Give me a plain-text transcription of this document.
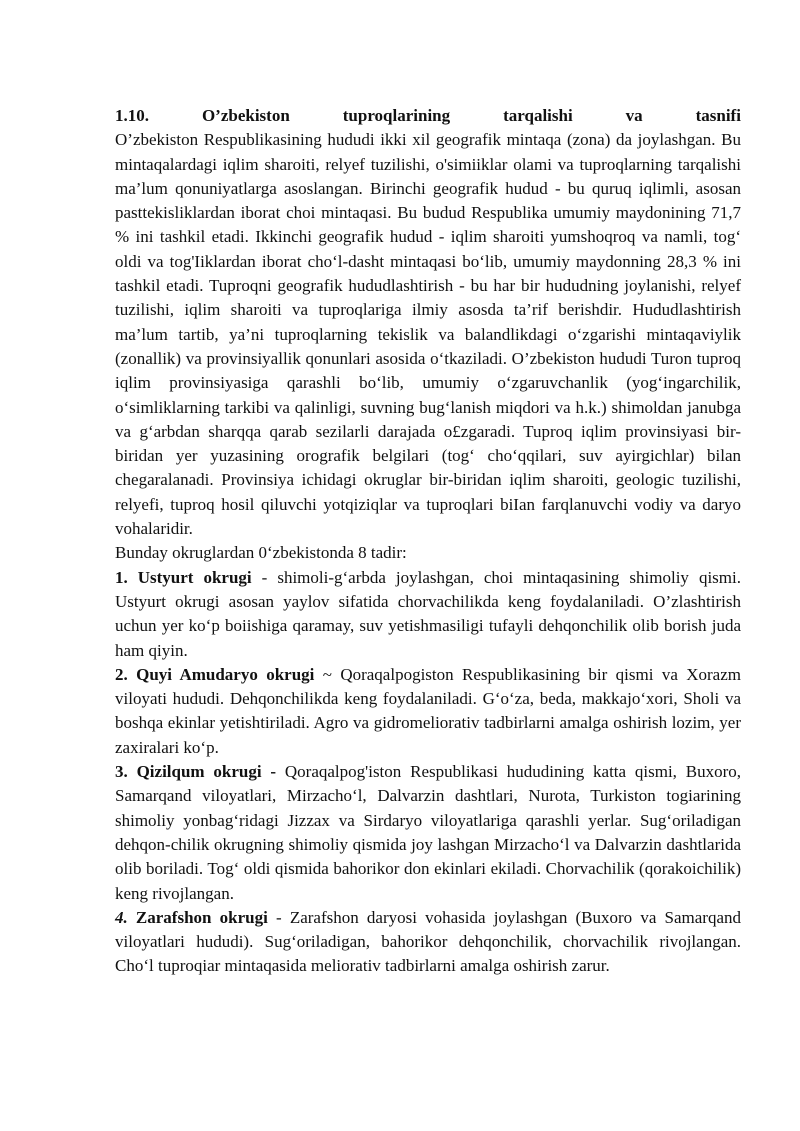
1.10.	O’zbekiston	tuproqlarining	tarqalishi	va	tasnifi

O’zbekiston Respublikasining hududi ikki xil geografik mintaqa (zona) da joylashgan. Bu mintaqalardagi iqlim sharoiti, relyef tuzilishi, o'simiiklar olami va tuproqlarning tarqalishi ma’lum qonuniyatlarga asoslangan. Birinchi geografik hudud - bu quruq iqlimli, asosan pasttekisliklardan iborat choi mintaqasi. Bu budud Respublika umumiy maydonining 71,7 % ini tashkil etadi. Ikkinchi geografik hudud - iqlim sharoiti yumshoqroq va namli, tog‘ oldi va tog'Iiklardan iborat cho‘l-dasht mintaqasi bo‘lib, umumiy maydonning 28,3 % ini tashkil etadi. Tuproqni geografik hududlashtirish - bu har bir hududning joylanishi, relyef tuzilishi, iqlim sharoiti va tuproqlariga ilmiy asosda ta’rif berishdir. Hududlashtirish ma’lum tartib, ya’ni tuproqlarning tekislik va balandlikdagi o‘zgarishi mintaqaviylik (zonallik) va provinsiyallik qonunlari asosida o‘tkaziladi. O’zbekiston hududi Turon tuproq iqlim provinsiyasiga qarashli bo‘lib, umumiy o‘zgaruvchanlik (yog‘ingarchilik, o‘simliklarning tarkibi va qalinligi, suvning bug‘lanish miqdori va h.k.) shimoldan janubga va g‘arbdan sharqqa qarab sezilarli darajada o£zgaradi. Tuproq iqlim provinsiyasi bir-biridan yer yuzasining orografik belgilari (tog‘ cho‘qqilari, suv ayirgichlar) bilan chegaralanadi. Provinsiya ichidagi okruglar bir-biridan iqlim sharoiti, geologic tuzilishi, relyefi, tuproq hosil qiluvchi yotqiziqlar va tuproqlari biIan farqlanuvchi vodiy va daryo vohalaridir.

Bunday okruglardan 0‘zbekistonda 8 tadir:

1. Ustyurt okrugi - shimoli-g‘arbda joylashgan, choi mintaqasining shimoliy qismi. Ustyurt okrugi asosan yaylov sifatida chorvachilikda keng foydalaniladi. O’zlashtirish uchun yer ko‘p boiishiga qaramay, suv yetishmasiligi tufayli dehqonchilik olib borish juda ham qiyin.

2. Quyi Amudaryo okrugi ~ Qoraqalpogiston Respublikasining bir qismi va Xorazm viloyati hududi. Dehqonchilikda keng foydalaniladi. G‘o‘za, beda, makkajo‘xori, Sholi va boshqa ekinlar yetishtiriladi. Agro va gidromeliorativ tadbirlarni amalga oshirish lozim, yer zaxiralari ko‘p.

3. Qizilqum okrugi - Qoraqalpog'iston Respublikasi hududining katta qismi, Buxoro, Samarqand viloyatlari, Mirzacho‘l, Dalvarzin dashtlari, Nurota, Turkiston togiarining shimoliy yonbag‘ridagi Jizzax va Sirdaryo viloyatlariga qarashli yerlar. Sug‘oriladigan dehqon-chilik okrugning shimoliy qismida joy lashgan Mirzacho‘l va Dalvarzin dashtlarida olib boriladi. Tog‘ oldi qismida bahorikor don ekinlari ekiladi. Chorvachilik (qorakoichilik) keng rivojlangan.

4. Zarafshon okrugi - Zarafshon daryosi vohasida joylashgan (Buxoro va Samarqand viloyatlari hududi). Sug‘oriladigan, bahorikor dehqonchilik, chorvachilik rivojlangan. Cho‘l tuproqiar mintaqasida meliorativ tadbirlarni amalga oshirish zarur.
